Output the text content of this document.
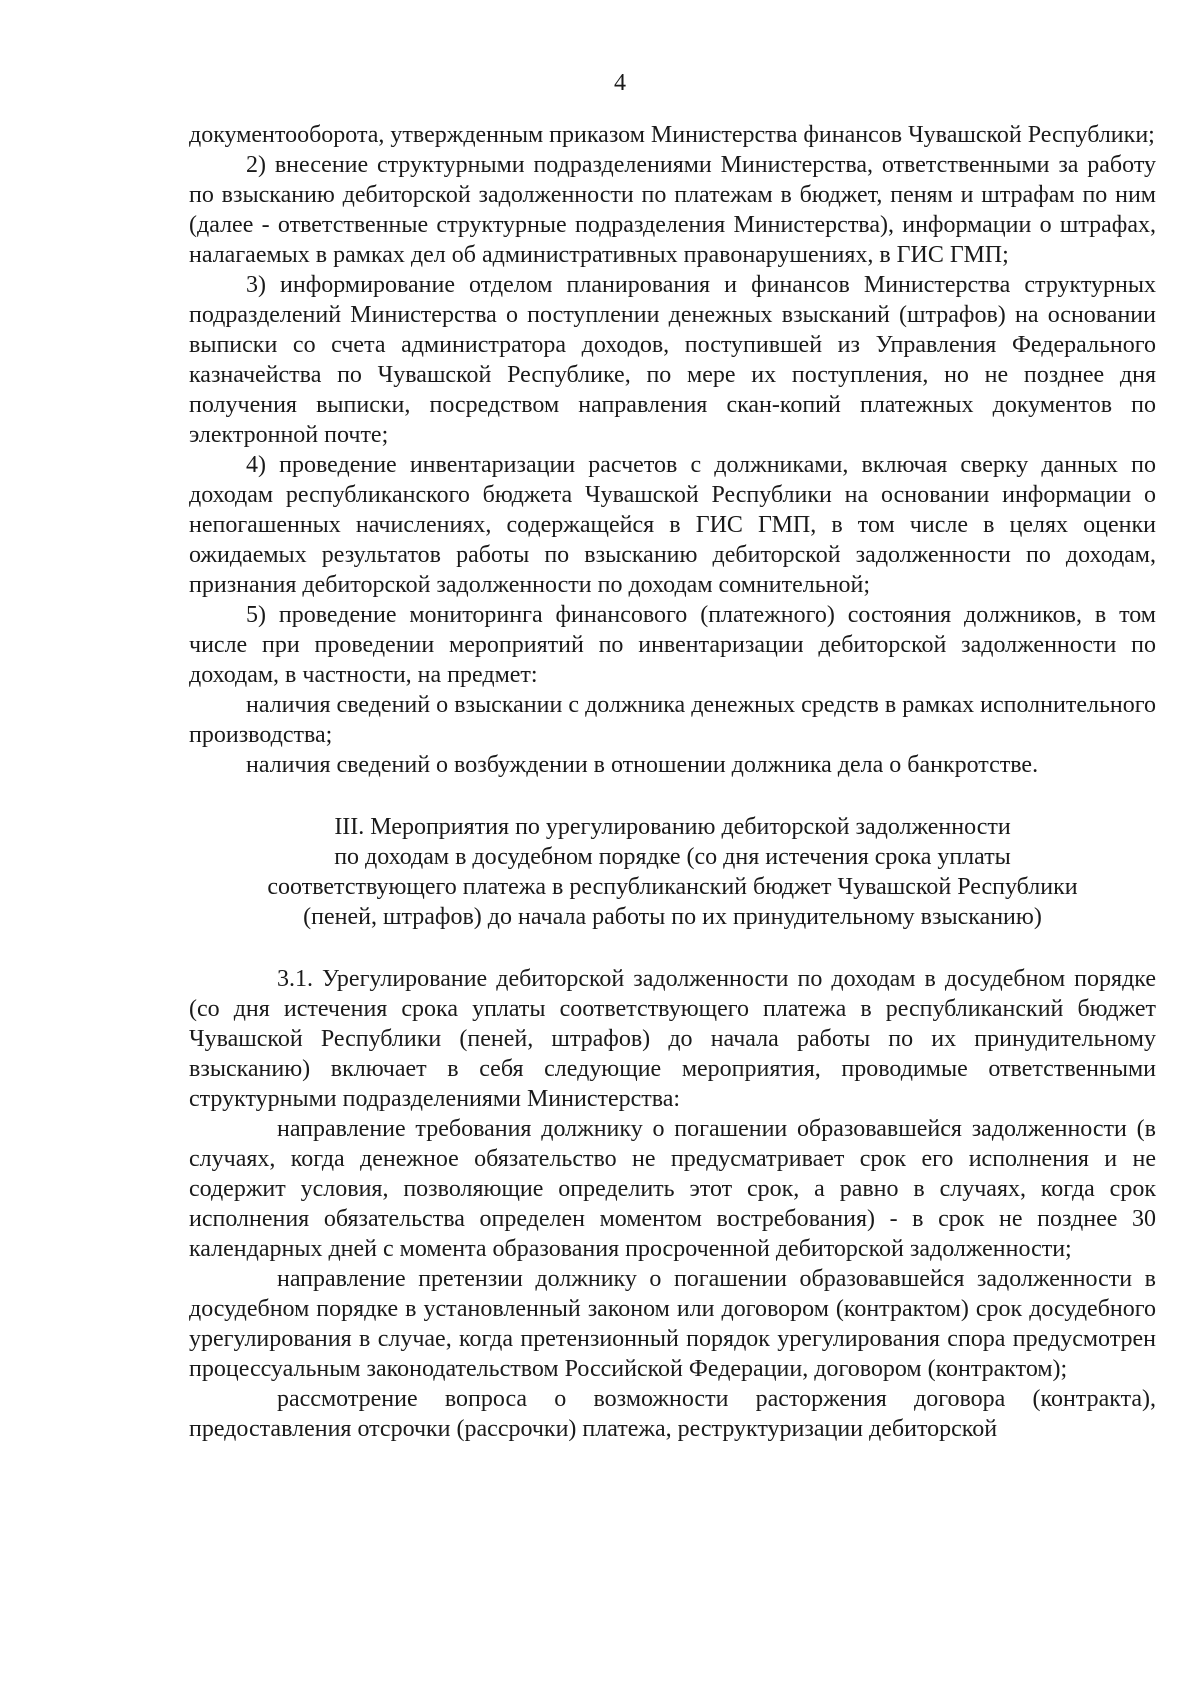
4

документооборота, утвержденным приказом Министерства финансов Чувашской Республики;

2) внесение структурными подразделениями Министерства, ответственными за работу по взысканию дебиторской задолженности по платежам в бюджет, пеням и штрафам по ним (далее - ответственные структурные подразделения Министерства), информации о штрафах, налагаемых в рамках дел об административных правонарушениях, в ГИС ГМП;

3) информирование отделом планирования и финансов Министерства структурных подразделений Министерства о поступлении денежных взысканий (штрафов) на основании выписки со счета администратора доходов, поступившей из Управления Федерального казначейства по Чувашской Республике, по мере их поступления, но не позднее дня получения выписки, посредством направления скан-копий платежных документов по электронной почте;

4) проведение инвентаризации расчетов с должниками, включая сверку данных по доходам республиканского бюджета Чувашской Республики на основании информации о непогашенных начислениях, содержащейся в ГИС ГМП, в том числе в целях оценки ожидаемых результатов работы по взысканию дебиторской задолженности по доходам, признания дебиторской задолженности по доходам сомнительной;

5) проведение мониторинга финансового (платежного) состояния должников, в том числе при проведении мероприятий по инвентаризации дебиторской задолженности по доходам, в частности, на предмет:

наличия сведений о взыскании с должника денежных средств в рамках исполнительного производства;

наличия сведений о возбуждении в отношении должника дела о банкротстве.

III. Мероприятия по урегулированию дебиторской задолженности
по доходам в досудебном порядке (со дня истечения срока уплаты
соответствующего платежа в республиканский бюджет Чувашской Республики
(пеней, штрафов) до начала работы по их принудительному взысканию)

3.1. Урегулирование дебиторской задолженности по доходам в досудебном порядке (со дня истечения срока уплаты соответствующего платежа в республиканский бюджет Чувашской Республики (пеней, штрафов) до начала работы по их принудительному взысканию) включает в себя следующие мероприятия, проводимые ответственными структурными подразделениями Министерства:

направление требования должнику о погашении образовавшейся задолженности (в случаях, когда денежное обязательство не предусматривает срок его исполнения и не содержит условия, позволяющие определить этот срок, а равно в случаях, когда срок исполнения обязательства определен моментом востребования) - в срок не позднее 30 календарных дней с момента образования просроченной дебиторской задолженности;

направление претензии должнику о погашении образовавшейся задолженности в досудебном порядке в установленный законом или договором (контрактом) срок досудебного урегулирования в случае, когда претензионный порядок урегулирования спора предусмотрен процессуальным законодательством Российской Федерации, договором (контрактом);

рассмотрение вопроса о возможности расторжения договора (контракта), предоставления отсрочки (рассрочки) платежа, реструктуризации дебиторской
